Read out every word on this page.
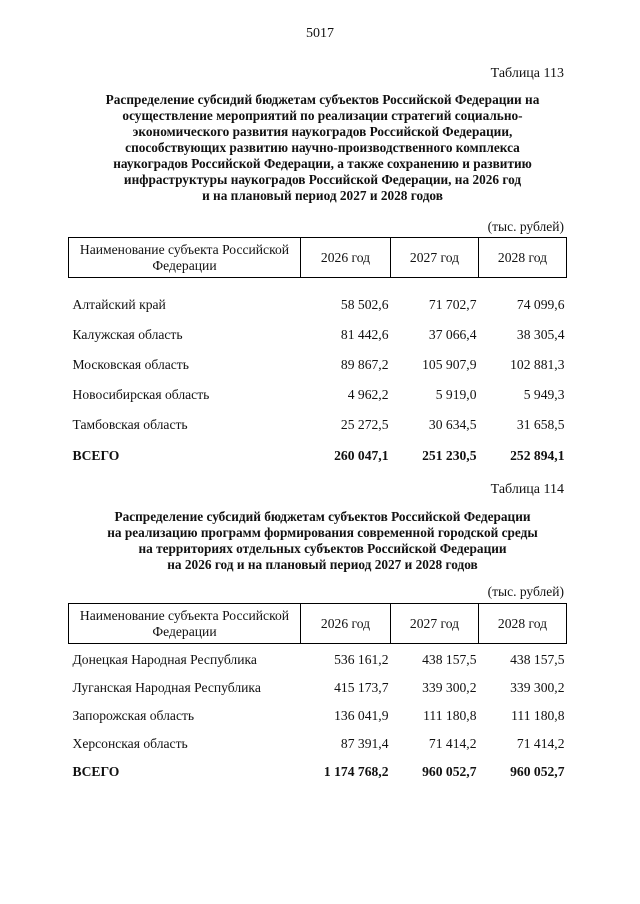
5017
Таблица 113
Распределение субсидий бюджетам субъектов Российской Федерации на
осуществление мероприятий по реализации стратегий социально-
экономического развития наукоградов Российской Федерации,
способствующих развитию научно-производственного комплекса
наукоградов Российской Федерации, а также сохранению и развитию
инфраструктуры наукоградов Российской Федерации, на 2026 год
и на плановый период 2027 и 2028 годов
(тыс. рублей)
Наименование субъекта Российской Федерации	2026 год	2027 год	2028 год

Алтайский край	58 502,6	71 702,7	74 099,6
Калужская область	81 442,6	37 066,4	38 305,4
Московская область	89 867,2	105 907,9	102 881,3
Новосибирская область	4 962,2	5 919,0	5 949,3
Тамбовская область	25 272,5	30 634,5	31 658,5
ВСЕГО	260 047,1	251 230,5	252 894,1
Таблица 114
Распределение субсидий бюджетам субъектов Российской Федерации
на реализацию программ формирования современной городской среды
на территориях отдельных субъектов Российской Федерации
на 2026 год и на плановый период 2027 и 2028 годов
(тыс. рублей)
Наименование субъекта Российской Федерации	2026 год	2027 год	2028 год

Донецкая Народная Республика	536 161,2	438 157,5	438 157,5
Луганская Народная Республика	415 173,7	339 300,2	339 300,2
Запорожская область	136 041,9	111 180,8	111 180,8
Херсонская область	87 391,4	71 414,2	71 414,2
ВСЕГО	1 174 768,2	960 052,7	960 052,7
